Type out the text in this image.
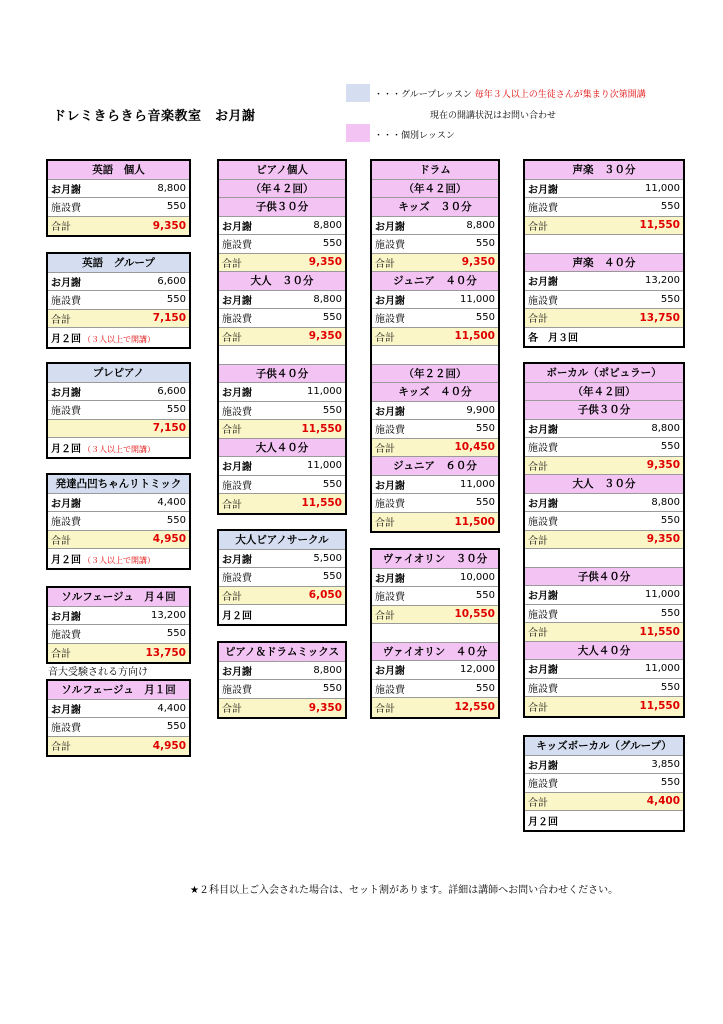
ドレミきらきら音楽教室　お月謝
・・・グループレッスン 毎年３人以上の生徒さんが集まり次第開講
現在の開講状況はお問い合わせ
・・・個別レッスン
英語　個人
お月謝	8,800
施設費	550
合計	9,350
英語　グループ
お月謝	6,600
施設費	550
合計	7,150
月２回 （３人以上で開講）
プレピアノ
お月謝	6,600
施設費	550
7,150
月２回 （３人以上で開講）
発達凸凹ちゃんリトミック
お月謝	4,400
施設費	550
合計	4,950
月２回 （３人以上で開講）
ソルフェージュ　月４回
お月謝	13,200
施設費	550
合計	13,750
音大受験される方向け
ソルフェージュ　月１回
お月謝	4,400
施設費	550
合計	4,950
ピアノ個人
（年４２回）
子供３０分
お月謝	8,800
施設費	550
合計	9,350
大人　３０分
お月謝	8,800
施設費	550
合計	9,350
子供４０分
お月謝	11,000
施設費	550
合計	11,550
大人４０分
お月謝	11,000
施設費	550
合計	11,550
大人ピアノサークル
お月謝	5,500
施設費	550
合計	6,050
月２回
ピアノ＆ドラムミックス
お月謝	8,800
施設費	550
合計	9,350
ドラム
（年４２回）
キッズ　３０分
お月謝	8,800
施設費	550
合計	9,350
ジュニア　４０分
お月謝	11,000
施設費	550
合計	11,500
（年２２回）
キッズ　４０分
お月謝	9,900
施設費	550
合計	10,450
ジュニア　６０分
お月謝	11,000
施設費	550
合計	11,500
ヴァイオリン　３０分
お月謝	10,000
施設費	550
合計	10,550
ヴァイオリン　４０分
お月謝	12,000
施設費	550
合計	12,550
声楽　３０分
お月謝	11,000
施設費	550
合計	11,550
声楽　４０分
お月謝	13,200
施設費	550
合計	13,750
各　月３回
ボーカル（ポピュラー）
（年４２回）
子供３０分
お月謝	8,800
施設費	550
合計	9,350
大人　３０分
お月謝	8,800
施設費	550
合計	9,350
子供４０分
お月謝	11,000
施設費	550
合計	11,550
大人４０分
お月謝	11,000
施設費	550
合計	11,550
キッズボーカル（グループ）
お月謝	3,850
施設費	550
合計	4,400
月２回
★２科目以上ご入会された場合は、セット割があります。詳細は講師へお問い合わせください。
